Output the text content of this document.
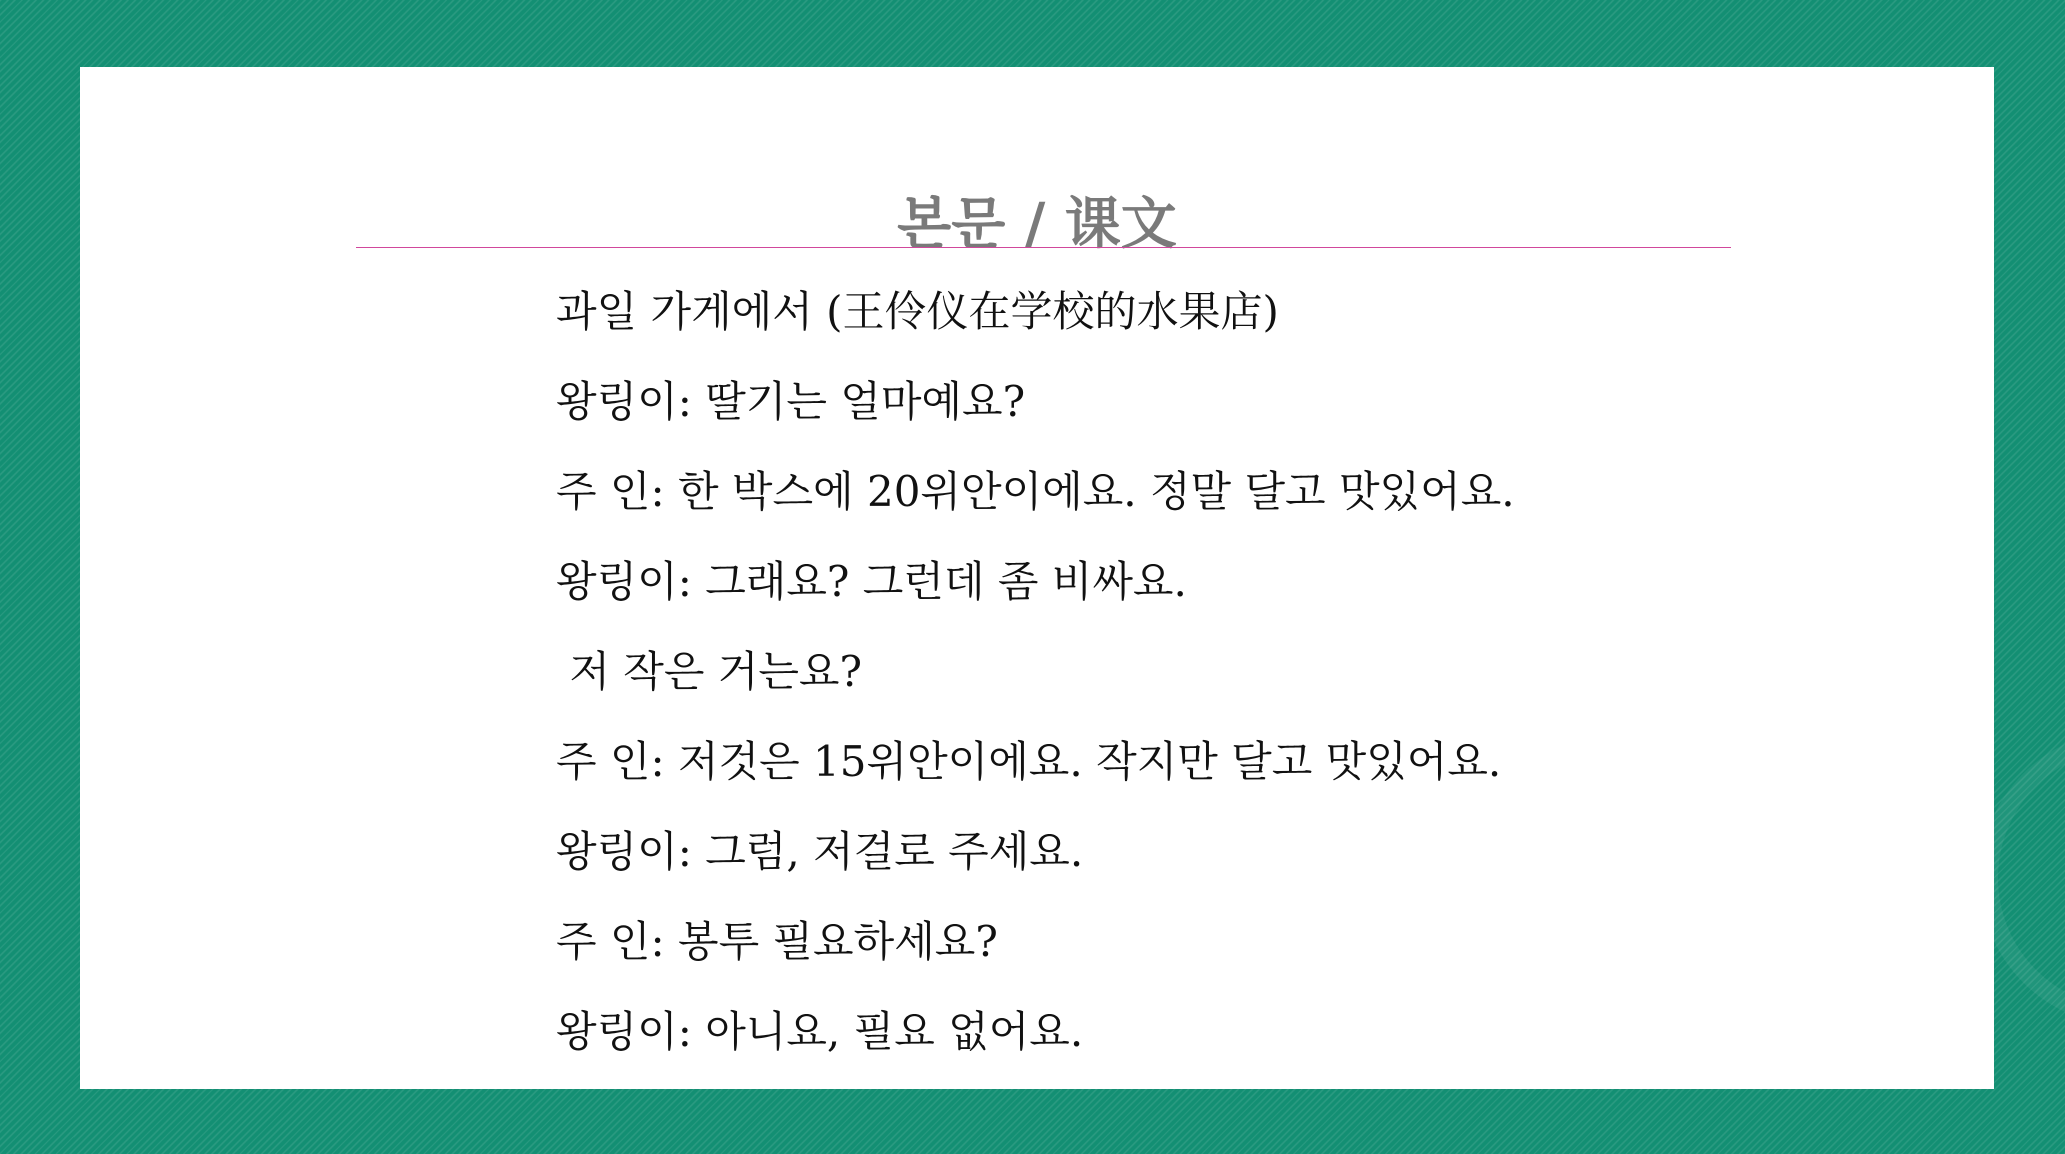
본문 / 课文
과일 가게에서 (王伶仪在学校的水果店)
왕링이: 딸기는 얼마예요?
주 인: 한 박스에 20위안이에요. 정말 달고 맛있어요.
왕링이: 그래요? 그런데 좀 비싸요.
저 작은 거는요?
주 인: 저것은 15위안이에요. 작지만 달고 맛있어요.
왕링이: 그럼, 저걸로 주세요.
주 인: 봉투 필요하세요?
왕링이: 아니요, 필요 없어요.
